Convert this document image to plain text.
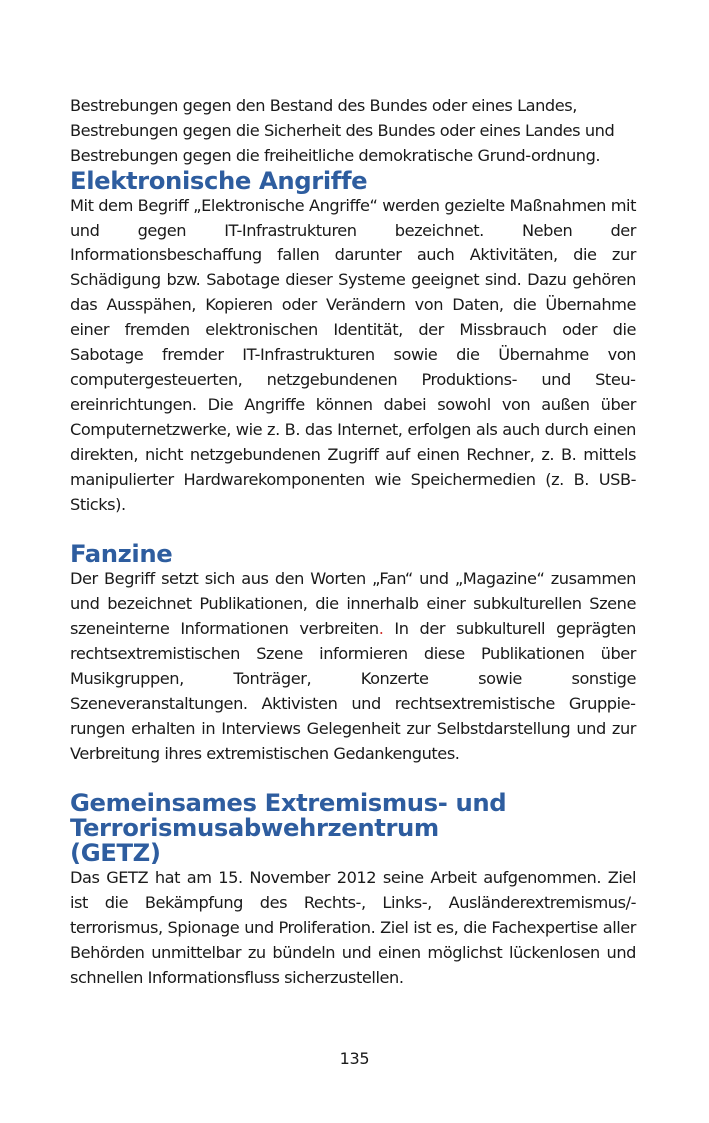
Bestrebungen gegen den Bestand des Bundes oder eines Landes, Bestrebungen gegen die Sicherheit des Bundes oder eines Landes und Bestrebungen gegen die freiheitliche demokratische Grund-ordnung.

Elektronische Angriffe

Mit dem Begriff „Elektronische Angriffe“ werden gezielte Maßnahmen mit und gegen IT-Infrastrukturen bezeichnet. Neben der Informationsbeschaffung fallen darunter auch Aktivitäten, die zur Schädigung bzw. Sabotage dieser Systeme geeignet sind. Dazu gehören das Ausspähen, Kopieren oder Verändern von Daten, die Übernahme einer fremden elektronischen Identität, der Missbrauch oder die Sabotage fremder IT-Infrastrukturen sowie die Übernahme von computergesteuerten, netzgebundenen Produktions- und Steuereinrichtungen. Die Angriffe können dabei sowohl von außen über Computernetzwerke, wie z. B. das Internet, erfolgen als auch durch einen direkten, nicht netzgebundenen Zugriff auf einen Rechner, z. B. mittels manipulierter Hardwarekomponenten wie Speichermedien (z. B. USB-Sticks).

Fanzine

Der Begriff setzt sich aus den Worten „Fan“ und „Magazine“ zusammen und bezeichnet Publikationen, die innerhalb einer subkulturellen Szene szeneinterne Informationen verbreiten. In der subkulturell geprägten rechtsextremistischen Szene informieren diese Publikationen über Musikgruppen, Tonträger, Konzerte sowie sonstige Szeneveranstaltungen. Aktivisten und rechtsextremistische Gruppierungen erhalten in Interviews Gelegenheit zur Selbstdarstellung und zur Verbreitung ihres extremistischen Gedankengutes.

Gemeinsames Extremismus- und Terrorismusabwehrzentrum
(GETZ)

Das GETZ hat am 15. November 2012 seine Arbeit aufgenommen. Ziel ist die Bekämpfung des Rechts-, Links-, Ausländerextremismus/-terrorismus, Spionage und Proliferation. Ziel ist es, die Fachexpertise aller Behörden unmittelbar zu bündeln und einen möglichst lückenlosen und schnellen Informationsfluss sicherzustellen.

135
